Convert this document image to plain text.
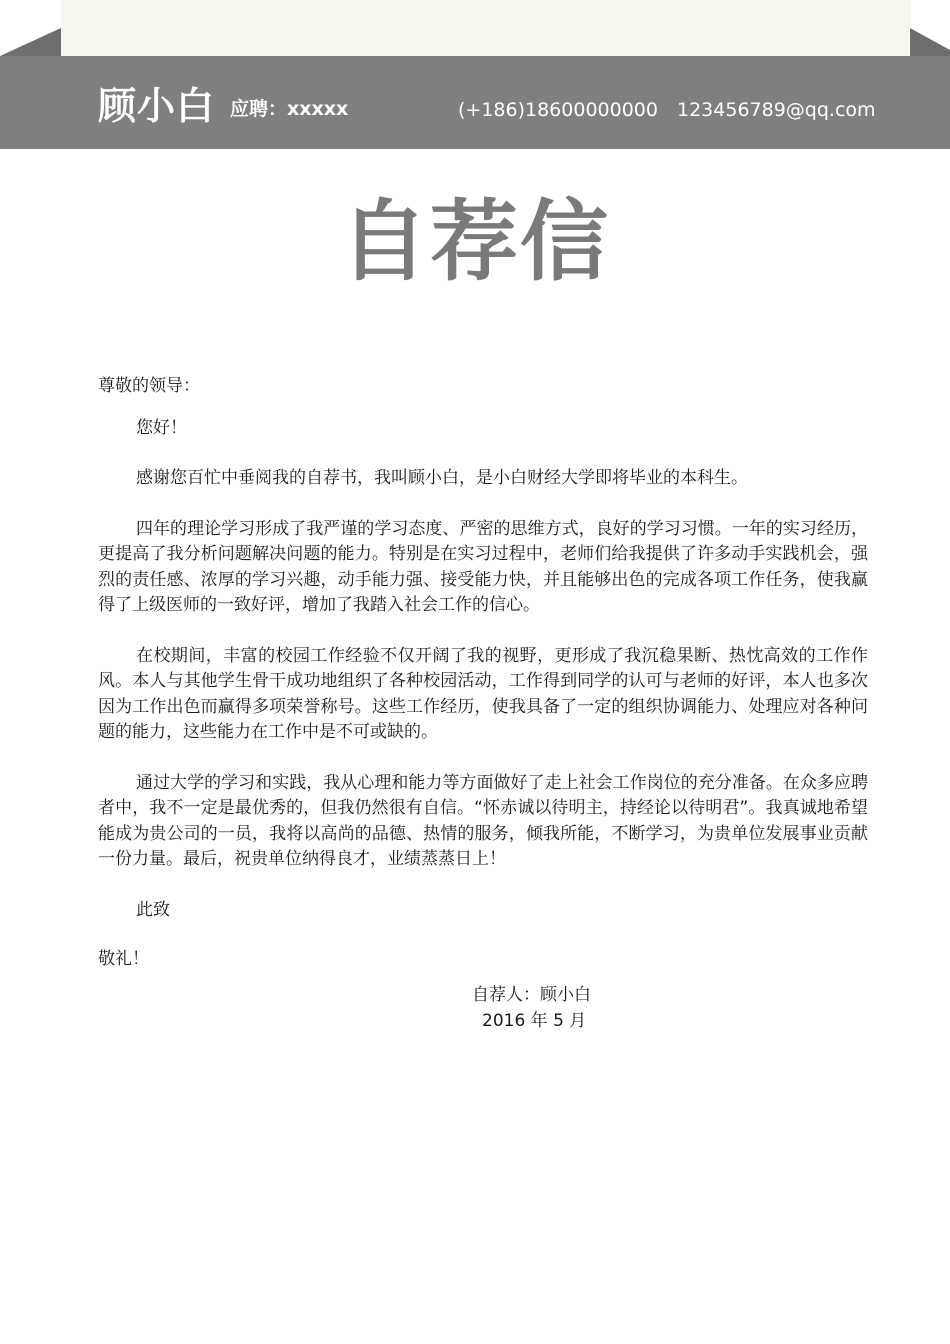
顾小白 应聘：xxxxx	(+186)18600000000 123456789@qq.com
自荐信

尊敬的领导：

您好！

感谢您百忙中垂阅我的自荐书，我叫顾小白，是小白财经大学即将毕业的本科生。

四年的理论学习形成了我严谨的学习态度、严密的思维方式，良好的学习习惯。一年的实习经历，更提高了我分析问题解决问题的能力。特别是在实习过程中，老师们给我提供了许多动手实践机会，强烈的责任感、浓厚的学习兴趣，动手能力强、接受能力快，并且能够出色的完成各项工作任务，使我赢得了上级医师的一致好评，增加了我踏入社会工作的信心。

在校期间，丰富的校园工作经验不仅开阔了我的视野，更形成了我沉稳果断、热忱高效的工作作风。本人与其他学生骨干成功地组织了各种校园活动，工作得到同学的认可与老师的好评，本人也多次因为工作出色而赢得多项荣誉称号。这些工作经历，使我具备了一定的组织协调能力、处理应对各种问题的能力，这些能力在工作中是不可或缺的。

通过大学的学习和实践，我从心理和能力等方面做好了走上社会工作岗位的充分准备。在众多应聘者中，我不一定是最优秀的，但我仍然很有自信。“怀赤诚以待明主，持经论以待明君”。我真诚地希望能成为贵公司的一员，我将以高尚的品德、热情的服务，倾我所能，不断学习，为贵单位发展事业贡献一份力量。最后，祝贵单位纳得良才，业绩蒸蒸日上！

此致

敬礼！

自荐人：顾小白
2016 年 5 月
